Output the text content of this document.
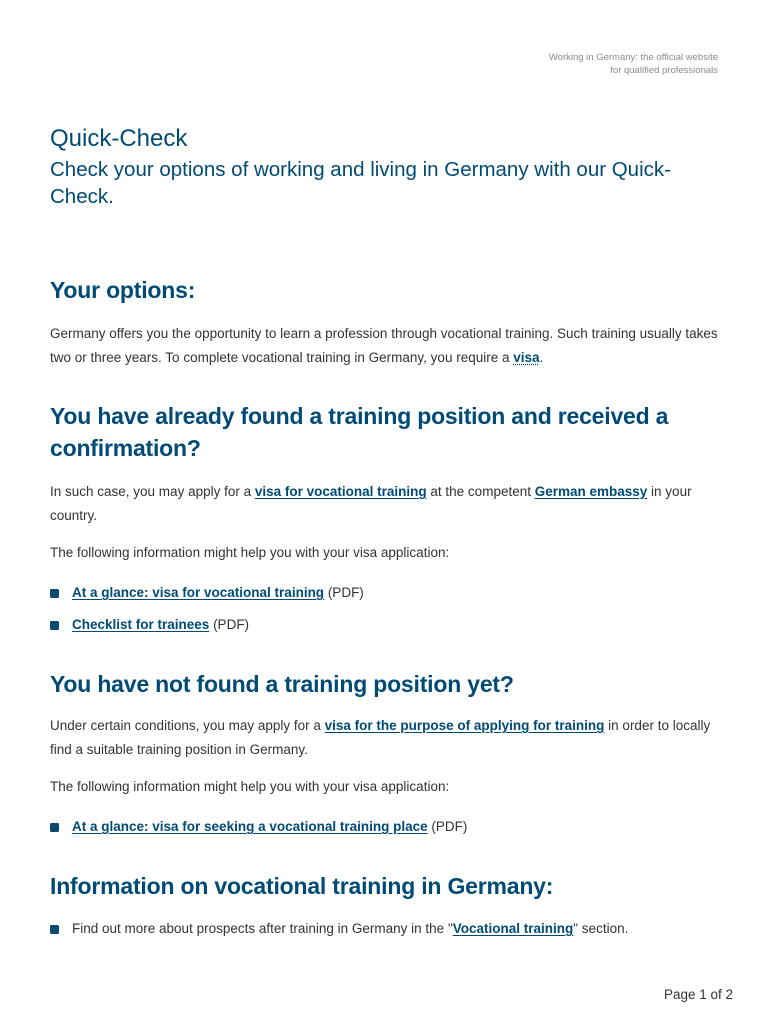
Working in Germany: the official website
for qualified professionals
Quick-Check
Check your options of working and living in Germany with our Quick-Check.
Your options:

Germany offers you the opportunity to learn a profession through vocational training. Such training usually takes two or three years. To complete vocational training in Germany, you require a visa.

You have already found a training position and received a confirmation?

In such case, you may apply for a visa for vocational training at the competent German embassy in your country.

The following information might help you with your visa application:

At a glance: visa for vocational training (PDF)
Checklist for trainees (PDF)
You have not found a training position yet?

Under certain conditions, you may apply for a visa for the purpose of applying for training in order to locally find a suitable training position in Germany.

The following information might help you with your visa application:

At a glance: visa for seeking a vocational training place (PDF)
Information on vocational training in Germany:
Find out more about prospects after training in Germany in the "Vocational training" section.
Page 1 of 2
